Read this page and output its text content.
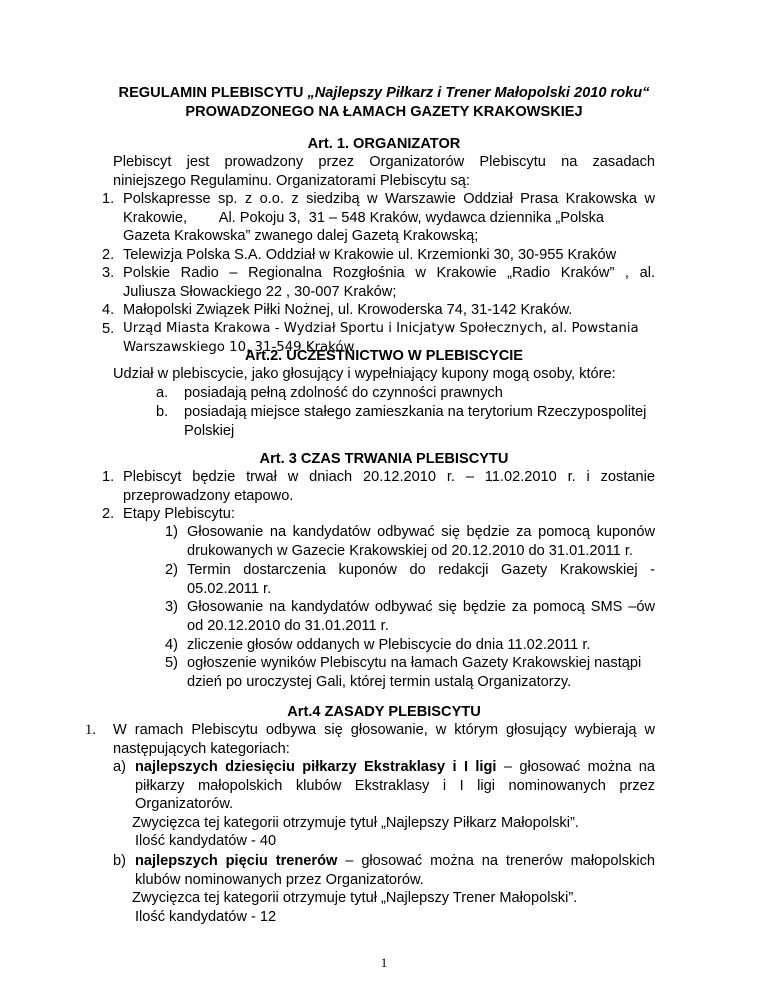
REGULAMIN PLEBISCYTU „Najlepszy Piłkarz i Trener Małopolski 2010 roku“
PROWADZONEGO NA ŁAMACH GAZETY KRAKOWSKIEJ
Art. 1. ORGANIZATOR
Plebiscyt jest prowadzony przez Organizatorów Plebiscytu na zasadach
niniejszego Regulaminu. Organizatorami Plebiscytu są:
1. Polskapresse sp. z o.o. z siedzibą w Warszawie Oddział Prasa Krakowska w
Krakowie,        Al. Pokoju 3,  31 – 548 Kraków, wydawca dziennika „Polska
Gazeta Krakowska” zwanego dalej Gazetą Krakowską;
2. Telewizja Polska S.A. Oddział w Krakowie ul. Krzemionki 30, 30-955 Kraków
3. Polskie Radio – Regionalna Rozgłośnia w Krakowie „Radio Kraków” , al.
Juliusza Słowackiego 22 , 30-007 Kraków;
4. Małopolski Związek Piłki Nożnej, ul. Krowoderska 74, 31-142 Kraków.
5. Urząd Miasta Krakowa - Wydział Sportu i Inicjatyw Społecznych, al. Powstania
Warszawskiego 10, 31-549 Kraków
Art.2. UCZESTNICTWO W PLEBISCYCIE
Udział w plebiscycie, jako głosujący i wypełniający kupony mogą osoby, które:
a. posiadają pełną zdolność do czynności prawnych
b. posiadają miejsce stałego zamieszkania na terytorium Rzeczypospolitej
Polskiej
Art. 3 CZAS TRWANIA PLEBISCYTU
1. Plebiscyt będzie trwał w dniach 20.12.2010 r. – 11.02.2010 r. i zostanie
przeprowadzony etapowo.
2. Etapy Plebiscytu:
1) Głosowanie na kandydatów odbywać się będzie za pomocą kuponów
drukowanych w Gazecie Krakowskiej od 20.12.2010 do 31.01.2011 r.
2) Termin dostarczenia kuponów do redakcji Gazety Krakowskiej -
05.02.2011 r.
3) Głosowanie na kandydatów odbywać się będzie za pomocą SMS –ów
od 20.12.2010 do 31.01.2011 r.
4) zliczenie głosów oddanych w Plebiscycie do dnia 11.02.2011 r.
5) ogłoszenie wyników Plebiscytu na łamach Gazety Krakowskiej nastąpi
dzień po uroczystej Gali, której termin ustalą Organizatorzy.
Art.4 ZASADY PLEBISCYTU
1. W ramach Plebiscytu odbywa się głosowanie, w którym głosujący wybierają w
następujących kategoriach:
a) najlepszych dziesięciu piłkarzy Ekstraklasy i I ligi – głosować można na
piłkarzy małopolskich klubów Ekstraklasy i I ligi nominowanych przez
Organizatorów.
Zwycięzca tej kategorii otrzymuje tytuł „Najlepszy Piłkarz Małopolski”.
Ilość kandydatów - 40
b) najlepszych pięciu trenerów – głosować można na trenerów małopolskich
klubów nominowanych przez Organizatorów.
Zwycięzca tej kategorii otrzymuje tytuł „Najlepszy Trener Małopolski”.
Ilość kandydatów - 12
1
